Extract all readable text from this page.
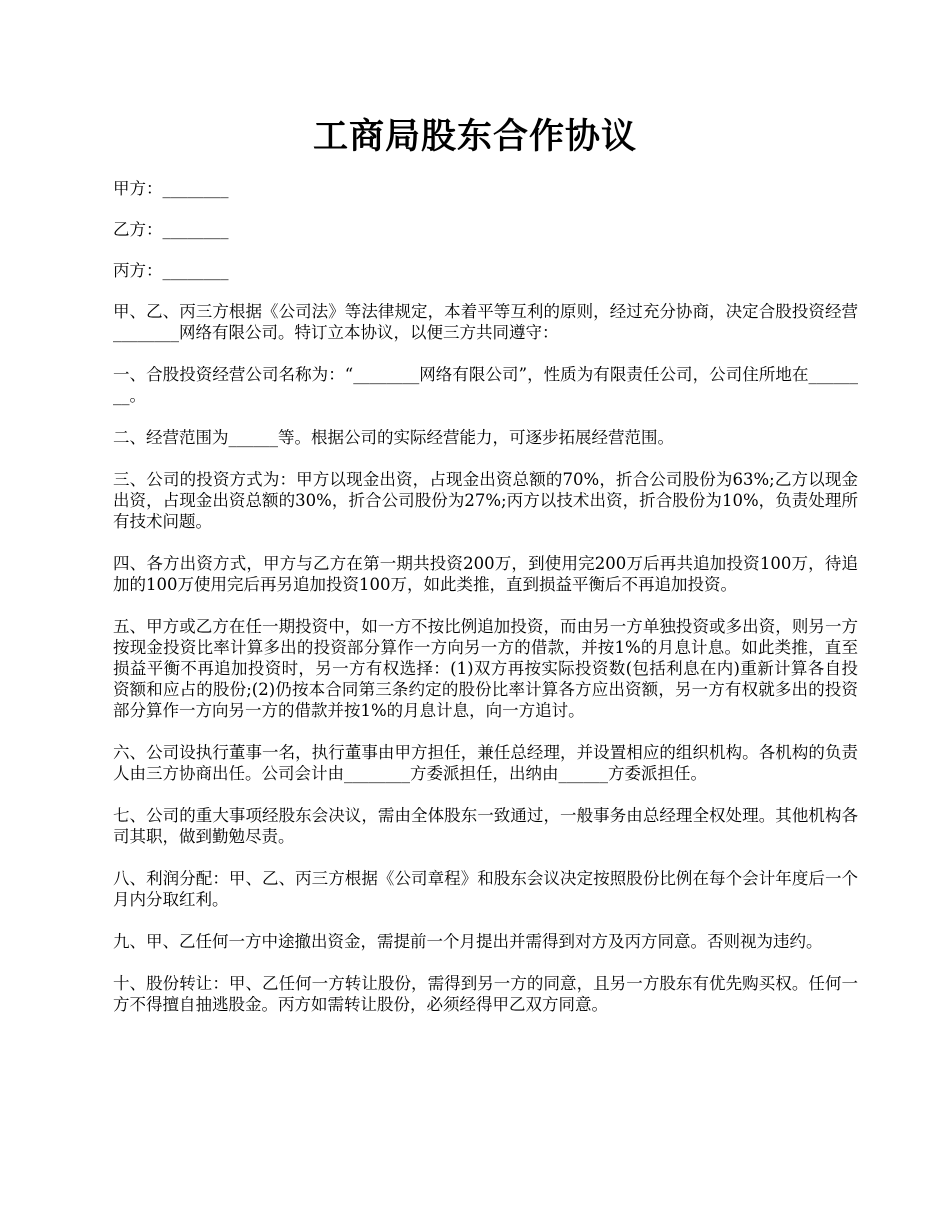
工商局股东合作协议

甲方：________

乙方：________

丙方：________

甲、乙、丙三方根据《公司法》等法律规定，本着平等互利的原则，经过充分协商，决定合股投资经营________网络有限公司。特订立本协议，以便三方共同遵守：

一、合股投资经营公司名称为：“________网络有限公司”，性质为有限责任公司，公司住所地在________。

二、经营范围为______等。根据公司的实际经营能力，可逐步拓展经营范围。

三、公司的投资方式为：甲方以现金出资，占现金出资总额的70%，折合公司股份为63%;乙方以现金出资，占现金出资总额的30%，折合公司股份为27%;丙方以技术出资，折合股份为10%，负责处理所有技术问题。

四、各方出资方式，甲方与乙方在第一期共投资200万，到使用完200万后再共追加投资100万，待追加的100万使用完后再另追加投资100万，如此类推，直到损益平衡后不再追加投资。

五、甲方或乙方在任一期投资中，如一方不按比例追加投资，而由另一方单独投资或多出资，则另一方按现金投资比率计算多出的投资部分算作一方向另一方的借款，并按1%的月息计息。如此类推，直至损益平衡不再追加投资时，另一方有权选择：(1)双方再按实际投资数(包括利息在内)重新计算各自投资额和应占的股份;(2)仍按本合同第三条约定的股份比率计算各方应出资额，另一方有权就多出的投资部分算作一方向另一方的借款并按1%的月息计息，向一方追讨。

六、公司设执行董事一名，执行董事由甲方担任，兼任总经理，并设置相应的组织机构。各机构的负责人由三方协商出任。公司会计由________方委派担任，出纳由______方委派担任。

七、公司的重大事项经股东会决议，需由全体股东一致通过，一般事务由总经理全权处理。其他机构各司其职，做到勤勉尽责。

八、利润分配：甲、乙、丙三方根据《公司章程》和股东会议决定按照股份比例在每个会计年度后一个月内分取红利。

九、甲、乙任何一方中途撤出资金，需提前一个月提出并需得到对方及丙方同意。否则视为违约。

十、股份转让：甲、乙任何一方转让股份，需得到另一方的同意，且另一方股东有优先购买权。任何一方不得擅自抽逃股金。丙方如需转让股份，必须经得甲乙双方同意。
